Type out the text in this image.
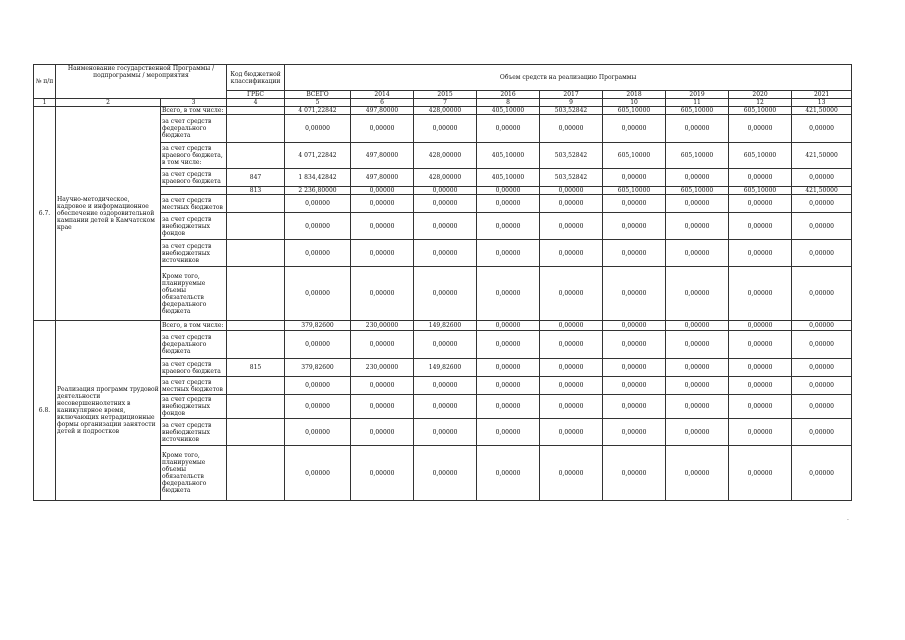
№ п/п	Наименование государственной Программы / подпрограммы / мероприятия		Код бюджетной классификации	Объем средств на реализацию Программы								
			ГРБС	ВСЕГО	2014	2015	2016	2017	2018	2019	2020	2021
1	2	3	4	5	6	7	8	9	10	11	12	13
6.7.	Научно-методическое, кадровое и информационное обеспечение оздоровительной кампании детей в Камчатском крае	Всего, в том числе:		4 071,22842	497,80000	428,00000	405,10000	503,52842	605,10000	605,10000	605,10000	421,50000
		за счет средств федерального бюджета		0,00000	0,00000	0,00000	0,00000	0,00000	0,00000	0,00000	0,00000	0,00000
		за счет средств краевого бюджета, в том числе:		4 071,22842	497,80000	428,00000	405,10000	503,52842	605,10000	605,10000	605,10000	421,50000
		за счет средств краевого бюджета	847	1 834,42842	497,80000	428,00000	405,10000	503,52842	0,00000	0,00000	0,00000	0,00000
			813	2 236,80000	0,00000	0,00000	0,00000	0,00000	605,10000	605,10000	605,10000	421,50000
		за счет средств местных бюджетов		0,00000	0,00000	0,00000	0,00000	0,00000	0,00000	0,00000	0,00000	0,00000
		за счет средств внебюджетных фондов		0,00000	0,00000	0,00000	0,00000	0,00000	0,00000	0,00000	0,00000	0,00000
		за счет средств внебюджетных источников		0,00000	0,00000	0,00000	0,00000	0,00000	0,00000	0,00000	0,00000	0,00000
		Кроме того, планируемые объемы обязательств федерального бюджета		0,00000	0,00000	0,00000	0,00000	0,00000	0,00000	0,00000	0,00000	0,00000
6.8.	Реализация программ трудовой деятельности несовершеннолетних в каникулярное время, включающих нетрадиционные формы организации занятости детей и подростков	Всего, в том числе:		379,82600	230,00000	149,82600	0,00000	0,00000	0,00000	0,00000	0,00000	0,00000
		за счет средств федерального бюджета		0,00000	0,00000	0,00000	0,00000	0,00000	0,00000	0,00000	0,00000	0,00000
		за счет средств краевого бюджета	815	379,82600	230,00000	149,82600	0,00000	0,00000	0,00000	0,00000	0,00000	0,00000
		за счет средств местных бюджетов		0,00000	0,00000	0,00000	0,00000	0,00000	0,00000	0,00000	0,00000	0,00000
		за счет средств внебюджетных фондов		0,00000	0,00000	0,00000	0,00000	0,00000	0,00000	0,00000	0,00000	0,00000
		за счет средств внебюджетных источников		0,00000	0,00000	0,00000	0,00000	0,00000	0,00000	0,00000	0,00000	0,00000
		Кроме того, планируемые объемы обязательств федерального бюджета		0,00000	0,00000	0,00000	0,00000	0,00000	0,00000	0,00000	0,00000	0,00000
.
